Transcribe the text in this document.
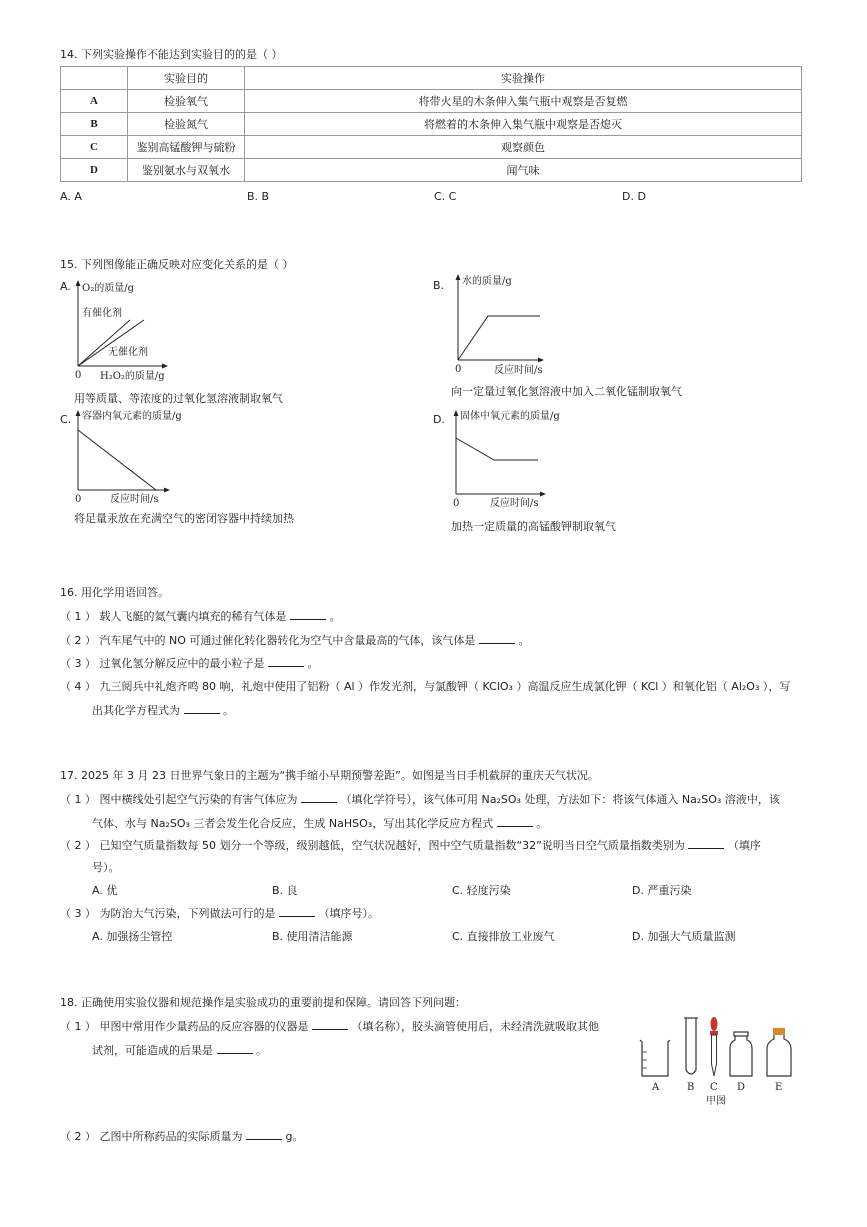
14. 下列实验操作不能达到实验目的的是（ ）
	实验目的	实验操作
A	检验氧气	将带火星的木条伸入集气瓶中观察是否复燃
B	检验氮气	将燃着的木条伸入集气瓶中观察是否熄灭
C	鉴别高锰酸钾与硫粉	观察颜色
D	鉴别氨水与双氧水	闻气味
A. A	B. B	C. C	D. D
15. 下列图像能正确反映对应变化关系的是（ ）
A. O₂的质量/g
有催化剂
无催化剂
0 H₂O₂的质量/g
用等质量、等浓度的过氧化氢溶液制取氧气
B. 水的质量/g
0	反应时间/s
向一定量过氧化氢溶液中加入二氧化锰制取氧气
C. 容器内氧元素的质量/g
0	反应时间/s
将足量汞放在充满空气的密闭容器中持续加热
D. 固体中氧元素的质量/g
0	反应时间/s
加热一定质量的高锰酸钾制取氧气
16. 用化学用语回答。
（ 1 ） 载人飞艇的氦气囊内填充的稀有气体是	。
（ 2 ） 汽车尾气中的 NO 可通过催化转化器转化为空气中含量最高的气体，该气体是	。
（ 3 ） 过氧化氢分解反应中的最小粒子是	。
（ 4 ） 九三阅兵中礼炮齐鸣 80 响，礼炮中使用了铝粉（ Al ）作发光剂，与氯酸钾（ KClO₃ ）高温反应生成氯化钾（ KCl ）和氧化铝（ Al₂O₃ ），写
出其化学方程式为	。
17. 2025 年 3 月 23 日世界气象日的主题为“携手缩小早期预警差距”。如图是当日手机截屏的重庆天气状况。
（ 1 ） 图中横线处引起空气污染的有害气体应为	（填化学符号），该气体可用 Na₂SO₃ 处理，方法如下：将该气体通入 Na₂SO₃ 溶液中，该
气体、水与 Na₂SO₃ 三者会发生化合反应，生成 NaHSO₃，写出其化学反应方程式	。
（ 2 ） 已知空气质量指数每 50 划分一个等级，级别越低，空气状况越好，图中空气质量指数“32”说明当日空气质量指数类别为	（填序
号）。
A. 优	B. 良	C. 轻度污染	D. 严重污染
（ 3 ） 为防治大气污染，下列做法可行的是	（填序号）。
A. 加强扬尘管控	B. 使用清洁能源	C. 直接排放工业废气	D. 加强大气质量监测
18. 正确使用实验仪器和规范操作是实验成功的重要前提和保障。请回答下列问题：
（ 1 ） 甲图中常用作少量药品的反应容器的仪器是	（填名称），胶头滴管使用后，未经清洗就吸取其他
试剂，可能造成的后果是	。
A	B C D	E
甲图
（ 2 ） 乙图中所称药品的实际质量为	g。
